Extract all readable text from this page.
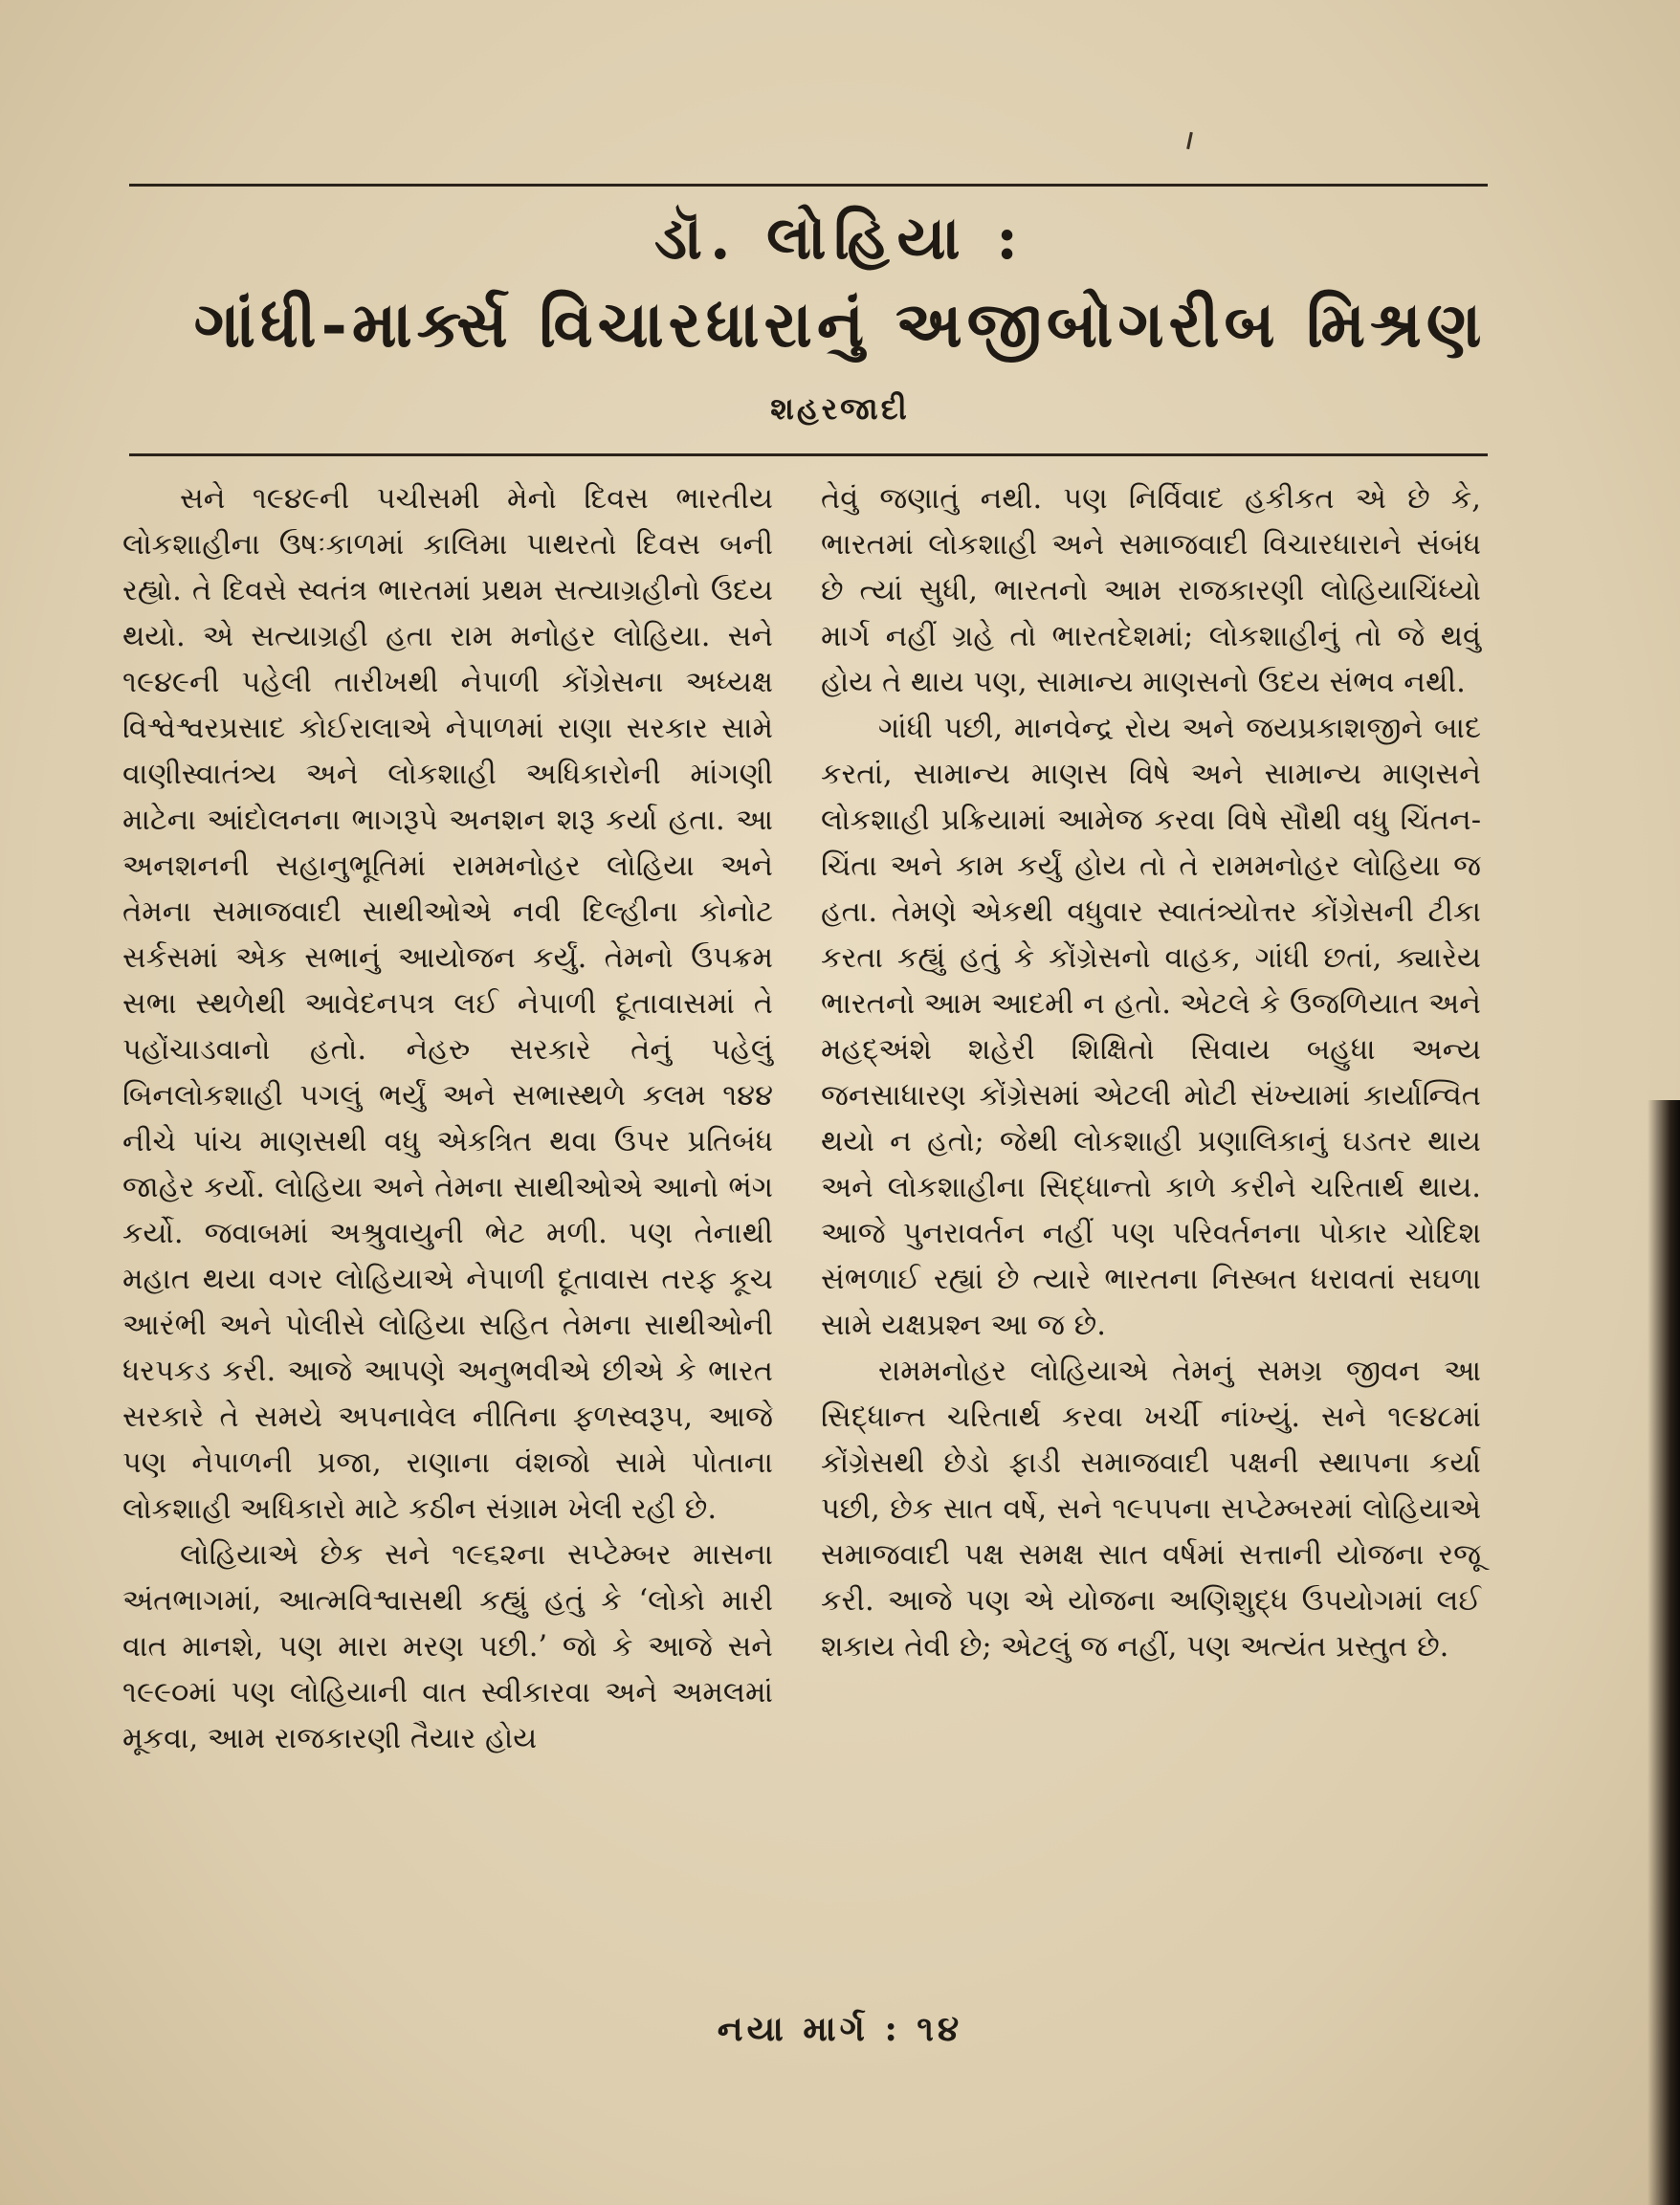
ડૉ. લોહિયા :
ગાંધી-માર્ક્સ વિચારધારાનું અજીબોગરીબ મિશ્રણ
શહરજાદી

સને ૧૯૪૯ની પચીસમી મેનો દિવસ ભારતીય લોકશાહીના ઉષઃકાળમાં કાલિમા પાથરતો દિવસ બની રહ્યો. તે દિવસે સ્વતંત્ર ભારતમાં પ્રથમ સત્યાગ્રહીનો ઉદય થયો. એ સત્યાગ્રહી હતા રામ મનોહર લોહિયા. સને ૧૯૪૯ની પહેલી તારીખથી નેપાળી કોંગ્રેસના અધ્યક્ષ વિશ્વેશ્વરપ્રસાદ કોઈરાલાએ નેપાળમાં રાણા સરકાર સામે વાણીસ્વાતંત્ર્ય અને લોકશાહી અધિકારોની માંગણી માટેના આંદોલનના ભાગરૂપે અનશન શરૂ કર્યા હતા. આ અનશનની સહાનુભૂતિમાં રામમનોહર લોહિયા અને તેમના સમાજવાદી સાથીઓએ નવી દિલ્હીના કોનોટ સર્કસમાં એક સભાનું આયોજન કર્યું. તેમનો ઉપક્રમ સભા સ્થળેથી આવેદનપત્ર લઈ નેપાળી દૂતાવાસમાં તે પહોંચાડવાનો હતો. નેહરુ સરકારે તેનું પહેલું બિનલોકશાહી પગલું ભર્યું અને સભાસ્થળે કલમ ૧૪૪ નીચે પાંચ માણસથી વધુ એકત્રિત થવા ઉપર પ્રતિબંધ જાહેર કર્યો. લોહિયા અને તેમના સાથીઓએ આનો ભંગ કર્યો. જવાબમાં અશ્રુવાયુની ભેટ મળી. પણ તેનાથી મહાત થયા વગર લોહિયાએ નેપાળી દૂતાવાસ તરફ કૂચ આરંભી અને પોલીસે લોહિયા સહિત તેમના સાથીઓની ધરપકડ કરી. આજે આપણે અનુભવીએ છીએ કે ભારત સરકારે તે સમયે અપનાવેલ નીતિના ફળસ્વરૂપ, આજે પણ નેપાળની પ્રજા, રાણાના વંશજો સામે પોતાના લોકશાહી અધિકારો માટે કઠીન સંગ્રામ ખેલી રહી છે.

લોહિયાએ છેક સને ૧૯૬૨ના સપ્ટેમ્બર માસના અંતભાગમાં, આત્મવિશ્વાસથી કહ્યું હતું કે ‘લોકો મારી વાત માનશે, પણ મારા મરણ પછી.’ જો કે આજે સને ૧૯૯૦માં પણ લોહિયાની વાત સ્વીકારવા અને અમલમાં મૂકવા, આમ રાજકારણી તૈયાર હોય

તેવું જણાતું નથી. પણ નિર્વિવાદ હકીકત એ છે કે, ભારતમાં લોકશાહી અને સમાજવાદી વિચારધારાને સંબંધ છે ત્યાં સુધી, ભારતનો આમ રાજકારણી લોહિયાચિંધ્યો માર્ગ નહીં ગ્રહે તો ભારતદેશમાં; લોકશાહીનું તો જે થવું હોય તે થાય પણ, સામાન્ય માણસનો ઉદય સંભવ નથી.

ગાંધી પછી, માનવેન્દ્ર રોય અને જયપ્રકાશજીને બાદ કરતાં, સામાન્ય માણસ વિષે અને સામાન્ય માણસને લોકશાહી પ્રક્રિયામાં આમેજ કરવા વિષે સૌથી વધુ ચિંતન-ચિંતા અને કામ કર્યું હોય તો તે રામમનોહર લોહિયા જ હતા. તેમણે એકથી વધુવાર સ્વાતંત્ર્યોત્તર કોંગ્રેસની ટીકા કરતા કહ્યું હતું કે કોંગ્રેસનો વાહક, ગાંધી છતાં, ક્યારેય ભારતનો આમ આદમી ન હતો. એટલે કે ઉજળિયાત અને મહદ્અંશે શહેરી શિક્ષિતો સિવાય બહુધા અન્ય જનસાધારણ કોંગ્રેસમાં એટલી મોટી સંખ્યામાં કાર્યાન્વિત થયો ન હતો; જેથી લોકશાહી પ્રણાલિકાનું ઘડતર થાય અને લોકશાહીના સિદ્ધાન્તો કાળે કરીને ચરિતાર્થ થાય. આજે પુનરાવર્તન નહીં પણ પરિવર્તનના પોકાર ચોદિશ સંભળાઈ રહ્યાં છે ત્યારે ભારતના નિસ્બત ધરાવતાં સઘળા સામે યક્ષપ્રશ્ન આ જ છે.

રામમનોહર લોહિયાએ તેમનું સમગ્ર જીવન આ સિદ્ધાન્ત ચરિતાર્થ કરવા ખર્ચી નાંખ્યું. સને ૧૯૪૮માં કોંગ્રેસથી છેડો ફાડી સમાજવાદી પક્ષની સ્થાપના કર્યા પછી, છેક સાત વર્ષે, સને ૧૯૫૫ના સપ્ટેમ્બરમાં લોહિયાએ સમાજવાદી પક્ષ સમક્ષ સાત વર્ષમાં સત્તાની યોજના રજૂ કરી. આજે પણ એ યોજના અણિશુદ્ધ ઉપયોગમાં લઈ શકાય તેવી છે; એટલું જ નહીં, પણ અત્યંત પ્રસ્તુત છે.

નયા માર્ગ : ૧૪
